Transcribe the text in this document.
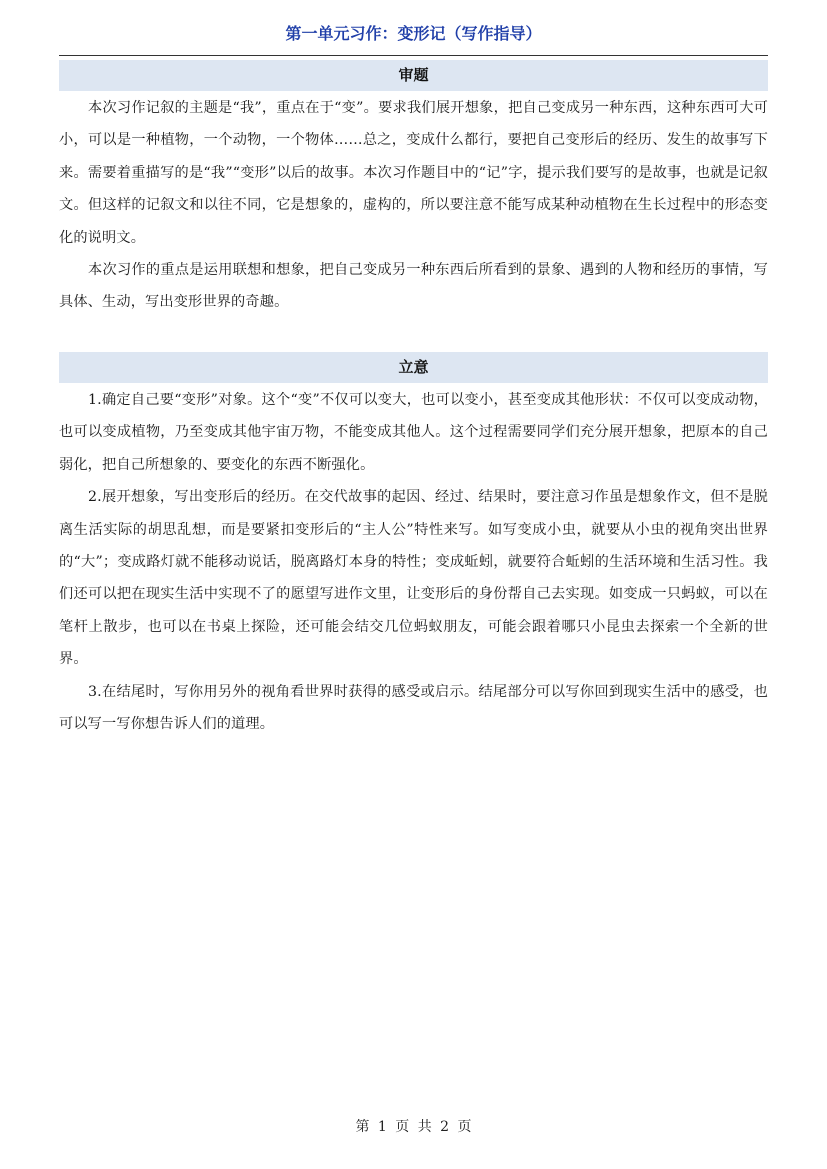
第一单元习作：变形记（写作指导）
审题

本次习作记叙的主题是“我”，重点在于“变”。要求我们展开想象，把自己变成另一种东西，这种东西可大可小，可以是一种植物，一个动物，一个物体……总之，变成什么都行，要把自己变形后的经历、发生的故事写下来。需要着重描写的是“我”“变形”以后的故事。本次习作题目中的“记”字，提示我们要写的是故事，也就是记叙文。但这样的记叙文和以往不同，它是想象的，虚构的，所以要注意不能写成某种动植物在生长过程中的形态变化的说明文。

本次习作的重点是运用联想和想象，把自己变成另一种东西后所看到的景象、遇到的人物和经历的事情，写具体、生动，写出变形世界的奇趣。

立意

1.确定自己要“变形”对象。这个“变”不仅可以变大，也可以变小，甚至变成其他形状：不仅可以变成动物，也可以变成植物，乃至变成其他宇宙万物，不能变成其他人。这个过程需要同学们充分展开想象，把原本的自己弱化，把自己所想象的、要变化的东西不断强化。

2.展开想象，写出变形后的经历。在交代故事的起因、经过、结果时，要注意习作虽是想象作文，但不是脱离生活实际的胡思乱想，而是要紧扣变形后的“主人公”特性来写。如写变成小虫，就要从小虫的视角突出世界的“大”；变成路灯就不能移动说话，脱离路灯本身的特性；变成蚯蚓，就要符合蚯蚓的生活环境和生活习性。我们还可以把在现实生活中实现不了的愿望写进作文里，让变形后的身份帮自己去实现。如变成一只蚂蚁，可以在笔杆上散步，也可以在书桌上探险，还可能会结交几位蚂蚁朋友，可能会跟着哪只小昆虫去探索一个全新的世界。

3.在结尾时，写你用另外的视角看世界时获得的感受或启示。结尾部分可以写你回到现实生活中的感受，也可以写一写你想告诉人们的道理。

第 1 页 共 2 页
